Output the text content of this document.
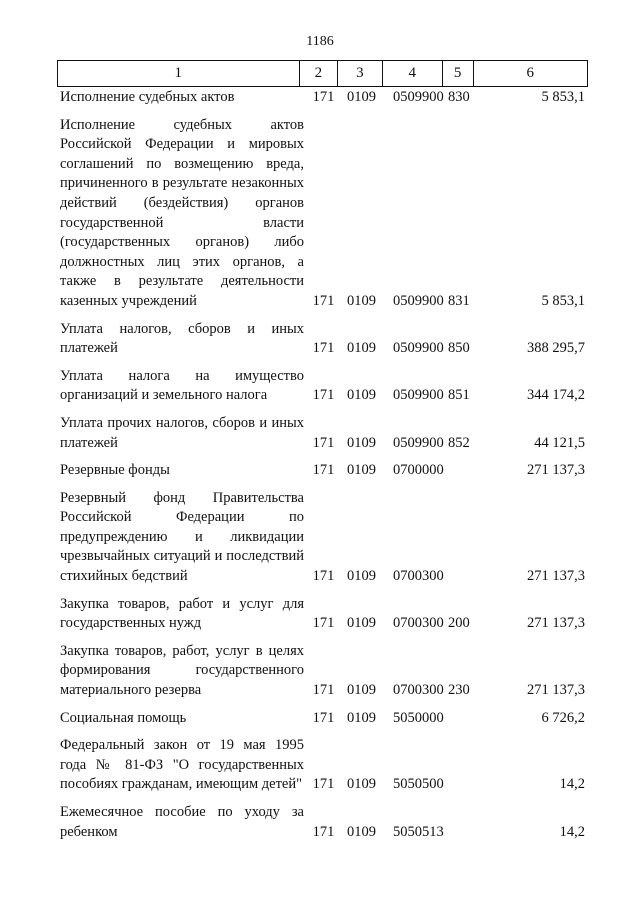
1186
1	2	3	4	5	6
Исполнение судебных актов	171 0109	0509900 830	5 853,1
Исполнение судебных актов Российской Федерации и мировых соглашений по возмещению вреда, причиненного в результате незаконных действий (бездействия) органов государственной власти (государственных органов) либо должностных лиц этих органов, а также в результате деятельности казенных учреждений	171 0109	0509900 831	5 853,1
Уплата налогов, сборов и иных платежей	171 0109	0509900 850	388 295,7
Уплата налога на имущество организаций и земельного налога	171 0109	0509900 851	344 174,2
Уплата прочих налогов, сборов и иных платежей	171 0109	0509900 852	44 121,5
Резервные фонды	171 0109	0700000	271 137,3
Резервный фонд Правительства Российской Федерации по предупреждению и ликвидации чрезвычайных ситуаций и последствий стихийных бедствий	171 0109	0700300	271 137,3
Закупка товаров, работ и услуг для государственных нужд	171 0109	0700300 200	271 137,3
Закупка товаров, работ, услуг в целях формирования государственного материального резерва	171 0109	0700300 230	271 137,3
Социальная помощь	171 0109	5050000	6 726,2
Федеральный закон от 19 мая 1995 года № 81-ФЗ "О государственных пособиях гражданам, имеющим детей" 171 0109	5050500	14,2
Ежемесячное пособие по уходу за ребенком	171 0109	5050513	14,2
